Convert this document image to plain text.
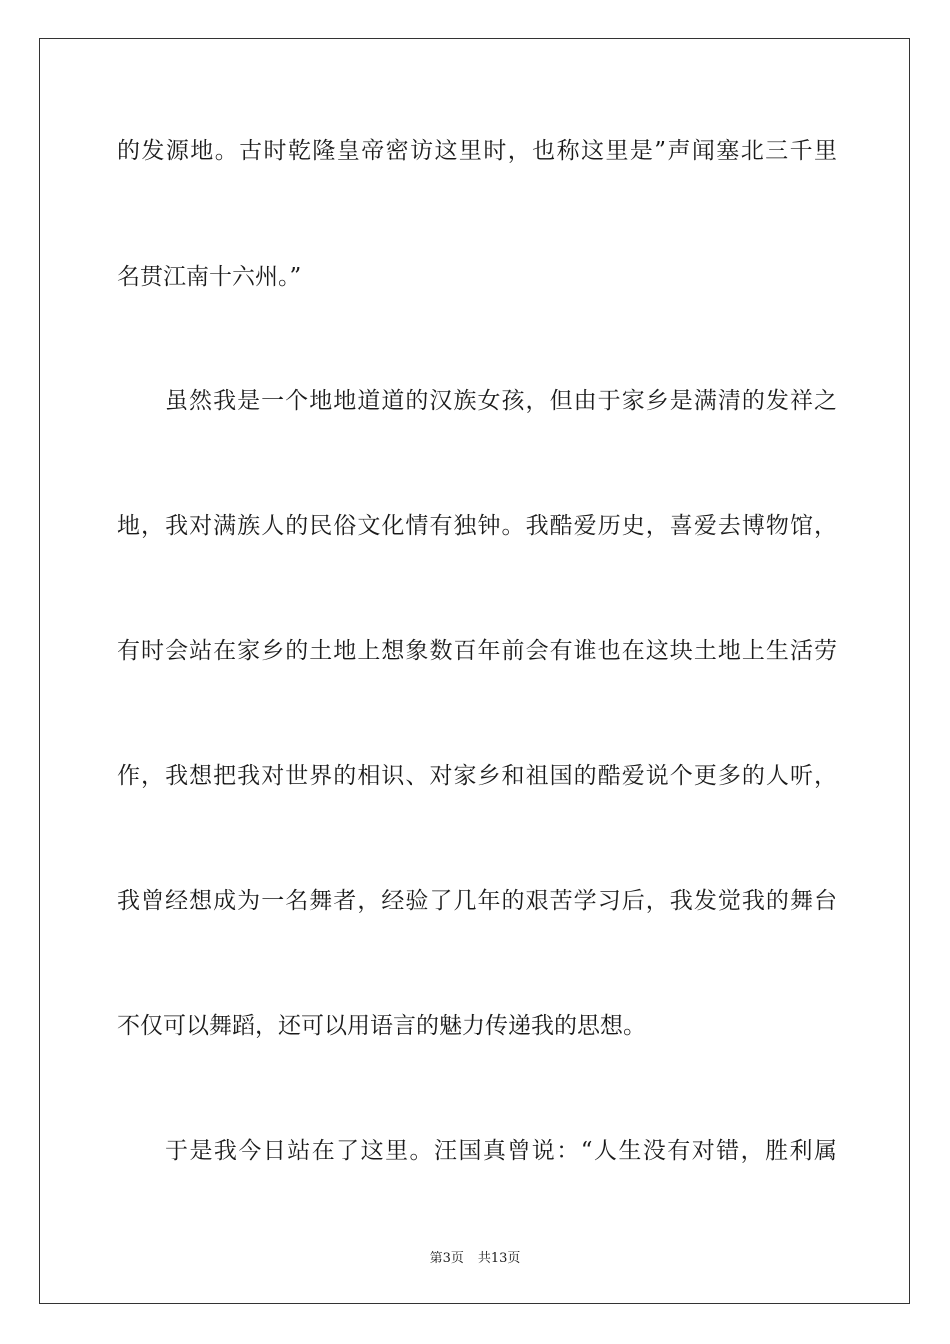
的发源地。古时乾隆皇帝密访这里时，也称这里是”声闻塞北三千里
名贯江南十六州。”
虽然我是一个地地道道的汉族女孩，但由于家乡是满清的发祥之
地，我对满族人的民俗文化情有独钟。我酷爱历史，喜爱去博物馆，
有时会站在家乡的土地上想象数百年前会有谁也在这块土地上生活劳
作，我想把我对世界的相识、对家乡和祖国的酷爱说个更多的人听，
我曾经想成为一名舞者，经验了几年的艰苦学习后，我发觉我的舞台
不仅可以舞蹈，还可以用语言的魅力传递我的思想。
于是我今日站在了这里。汪国真曾说：“人生没有对错，胜利属
第3页 共13页
